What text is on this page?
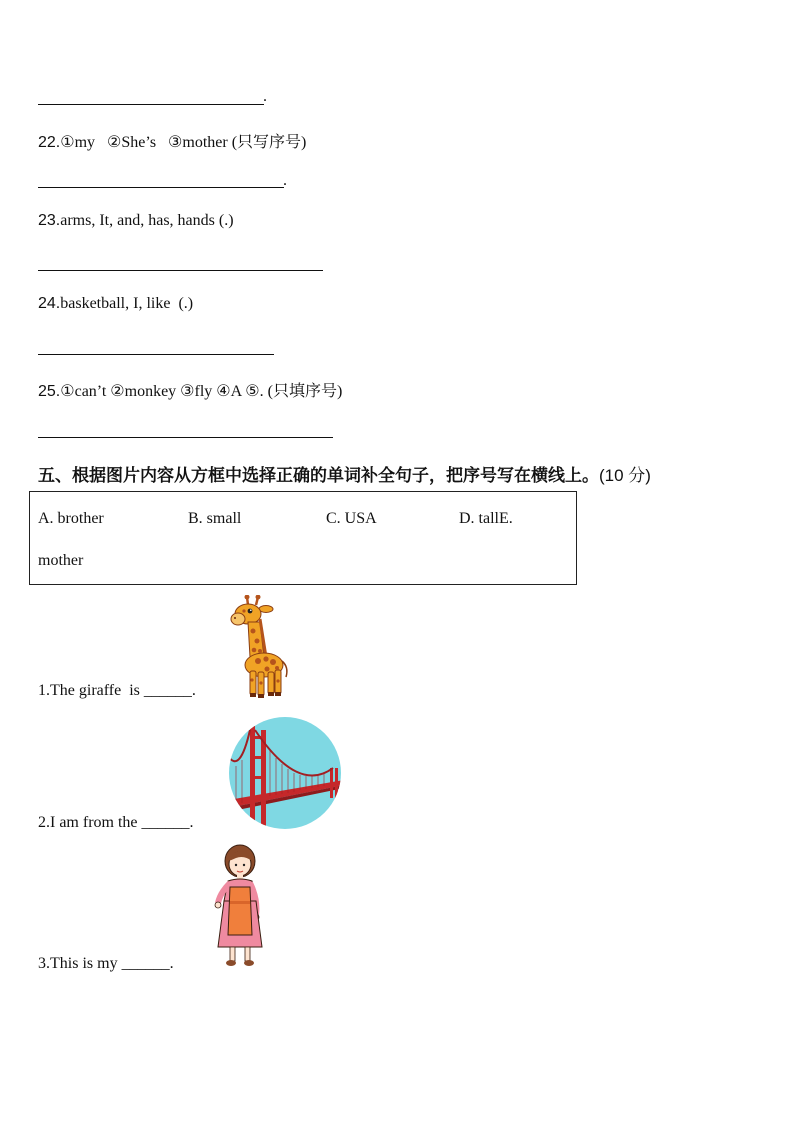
.
22.①my   ②She’s   ③mother (只写序号)
.
23.arms, It, and, has, hands (.)
24.basketball, I, like  (.)
25.①can’t ②monkey ③fly ④A ⑤. (只填序号)
五、根据图片内容从方框中选择正确的单词补全句子，把序号写在横线上。(10 分)
A. brother	B. small	C. USA	D. tallE.
mother
1.The giraffe  is ______.
2.I am from the ______.
3.This is my ______.
